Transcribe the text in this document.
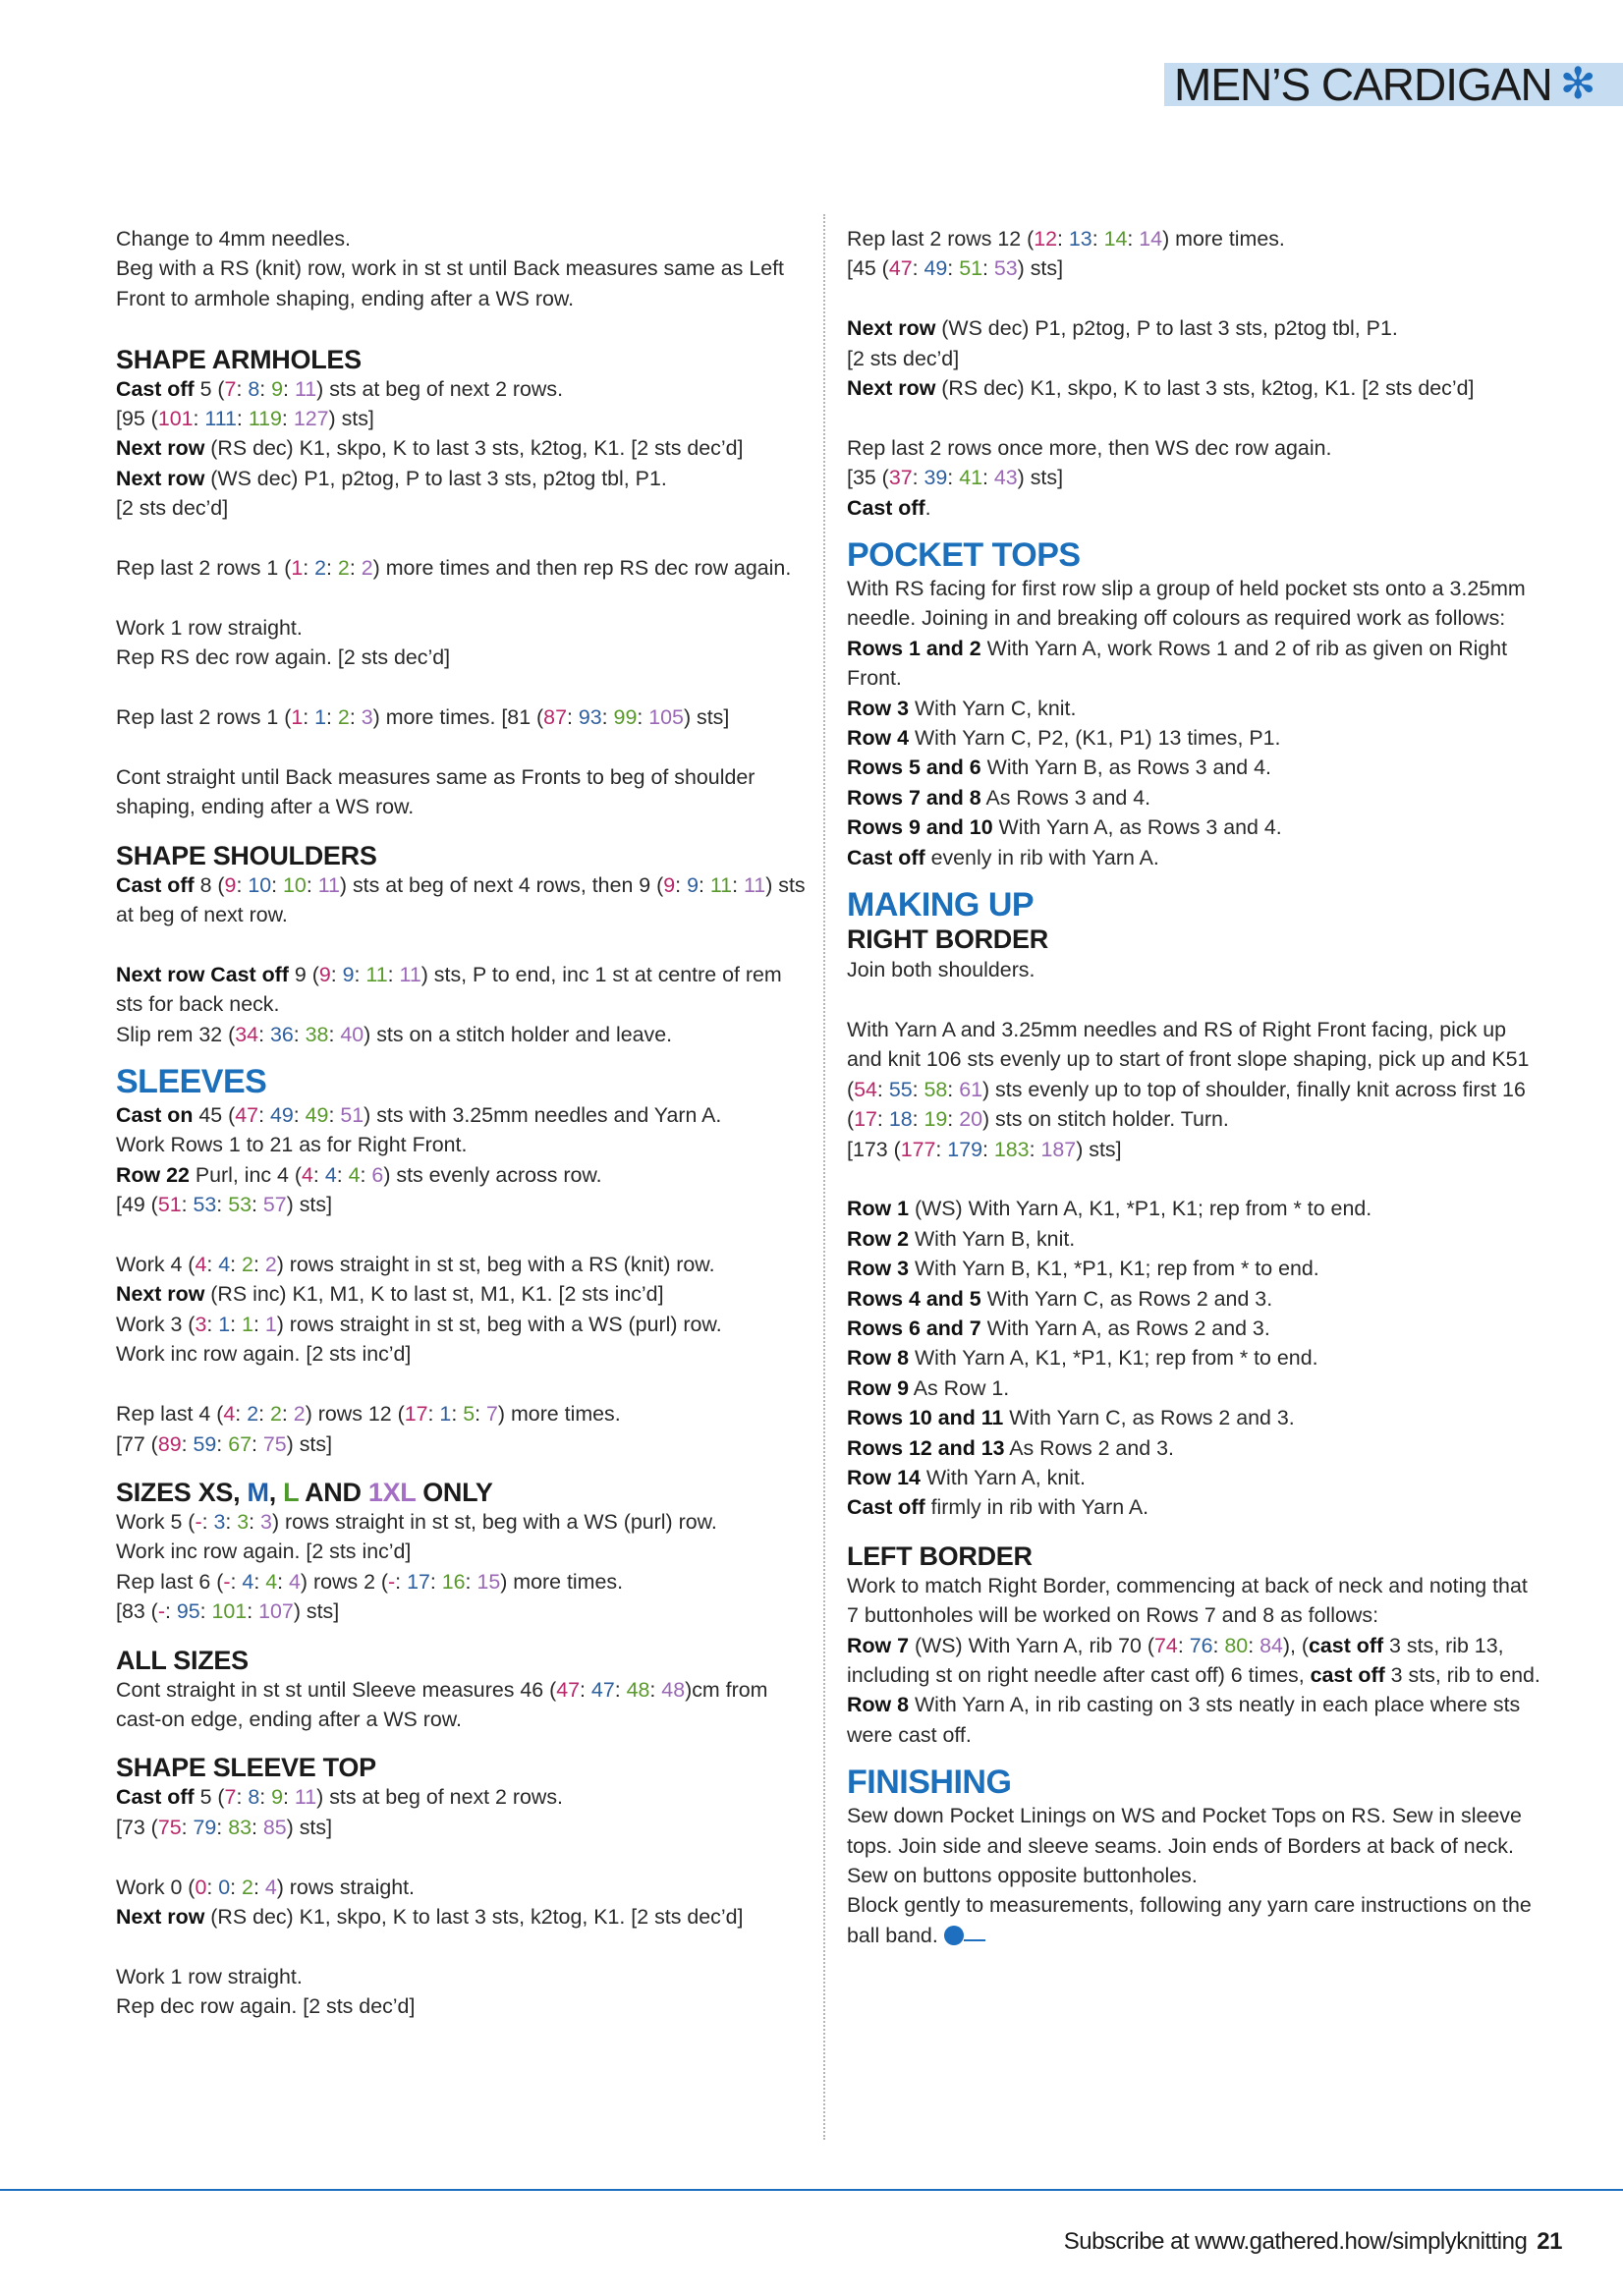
MEN’S CARDIGAN ✻
Change to 4mm needles.
Beg with a RS (knit) row, work in st st until Back measures same as Left Front to armhole shaping, ending after a WS row.
SHAPE ARMHOLES
Cast off 5 (7: 8: 9: 11) sts at beg of next 2 rows.
[95 (101: 111: 119: 127) sts]
Next row (RS dec) K1, skpo, K to last 3 sts, k2tog, K1. [2 sts dec’d]
Next row (WS dec) P1, p2tog, P to last 3 sts, p2tog tbl, P1.
[2 sts dec’d]
Rep last 2 rows 1 (1: 2: 2: 2) more times and then rep RS dec row again.
Work 1 row straight.
Rep RS dec row again. [2 sts dec’d]
Rep last 2 rows 1 (1: 1: 2: 3) more times. [81 (87: 93: 99: 105) sts]
Cont straight until Back measures same as Fronts to beg of shoulder shaping, ending after a WS row.
SHAPE SHOULDERS
Cast off 8 (9: 10: 10: 11) sts at beg of next 4 rows, then 9 (9: 9: 11: 11) sts at beg of next row.
Next row Cast off 9 (9: 9: 11: 11) sts, P to end, inc 1 st at centre of rem sts for back neck.
Slip rem 32 (34: 36: 38: 40) sts on a stitch holder and leave.
SLEEVES
Cast on 45 (47: 49: 49: 51) sts with 3.25mm needles and Yarn A.
Work Rows 1 to 21 as for Right Front.
Row 22 Purl, inc 4 (4: 4: 4: 6) sts evenly across row.
[49 (51: 53: 53: 57) sts]
Work 4 (4: 4: 2: 2) rows straight in st st, beg with a RS (knit) row.
Next row (RS inc) K1, M1, K to last st, M1, K1. [2 sts inc’d]
Work 3 (3: 1: 1: 1) rows straight in st st, beg with a WS (purl) row.
Work inc row again. [2 sts inc’d]
Rep last 4 (4: 2: 2: 2) rows 12 (17: 1: 5: 7) more times.
[77 (89: 59: 67: 75) sts]
SIZES XS, M, L AND 1XL ONLY
Work 5 (-: 3: 3: 3) rows straight in st st, beg with a WS (purl) row.
Work inc row again. [2 sts inc’d]
Rep last 6 (-: 4: 4: 4) rows 2 (-: 17: 16: 15) more times.
[83 (-: 95: 101: 107) sts]
ALL SIZES
Cont straight in st st until Sleeve measures 46 (47: 47: 48: 48)cm from cast-on edge, ending after a WS row.
SHAPE SLEEVE TOP
Cast off 5 (7: 8: 9: 11) sts at beg of next 2 rows.
[73 (75: 79: 83: 85) sts]
Work 0 (0: 0: 2: 4) rows straight.
Next row (RS dec) K1, skpo, K to last 3 sts, k2tog, K1. [2 sts dec’d]
Work 1 row straight.
Rep dec row again. [2 sts dec’d]
Rep last 2 rows 12 (12: 13: 14: 14) more times.
[45 (47: 49: 51: 53) sts]
Next row (WS dec) P1, p2tog, P to last 3 sts, p2tog tbl, P1.
[2 sts dec’d]
Next row (RS dec) K1, skpo, K to last 3 sts, k2tog, K1. [2 sts dec’d]
Rep last 2 rows once more, then WS dec row again.
[35 (37: 39: 41: 43) sts]
Cast off.
POCKET TOPS
With RS facing for first row slip a group of held pocket sts onto a 3.25mm needle. Joining in and breaking off colours as required work as follows:
Rows 1 and 2 With Yarn A, work Rows 1 and 2 of rib as given on Right Front.
Row 3 With Yarn C, knit.
Row 4 With Yarn C, P2, (K1, P1) 13 times, P1.
Rows 5 and 6 With Yarn B, as Rows 3 and 4.
Rows 7 and 8 As Rows 3 and 4.
Rows 9 and 10 With Yarn A, as Rows 3 and 4.
Cast off evenly in rib with Yarn A.
MAKING UP
RIGHT BORDER
Join both shoulders.
With Yarn A and 3.25mm needles and RS of Right Front facing, pick up and knit 106 sts evenly up to start of front slope shaping, pick up and K51 (54: 55: 58: 61) sts evenly up to top of shoulder, finally knit across first 16 (17: 18: 19: 20) sts on stitch holder. Turn.
[173 (177: 179: 183: 187) sts]
Row 1 (WS) With Yarn A, K1, *P1, K1; rep from * to end.
Row 2 With Yarn B, knit.
Row 3 With Yarn B, K1, *P1, K1; rep from * to end.
Rows 4 and 5 With Yarn C, as Rows 2 and 3.
Rows 6 and 7 With Yarn A, as Rows 2 and 3.
Row 8 With Yarn A, K1, *P1, K1; rep from * to end.
Row 9 As Row 1.
Rows 10 and 11 With Yarn C, as Rows 2 and 3.
Rows 12 and 13 As Rows 2 and 3.
Row 14 With Yarn A, knit.
Cast off firmly in rib with Yarn A.
LEFT BORDER
Work to match Right Border, commencing at back of neck and noting that 7 buttonholes will be worked on Rows 7 and 8 as follows:
Row 7 (WS) With Yarn A, rib 70 (74: 76: 80: 84), (cast off 3 sts, rib 13, including st on right needle after cast off) 6 times, cast off 3 sts, rib to end.
Row 8 With Yarn A, in rib casting on 3 sts neatly in each place where sts were cast off.
FINISHING
Sew down Pocket Linings on WS and Pocket Tops on RS. Sew in sleeve tops. Join side and sleeve seams. Join ends of Borders at back of neck. Sew on buttons opposite buttonholes.
Block gently to measurements, following any yarn care instructions on the ball band.
Subscribe at www.gathered.how/simplyknitting 21
